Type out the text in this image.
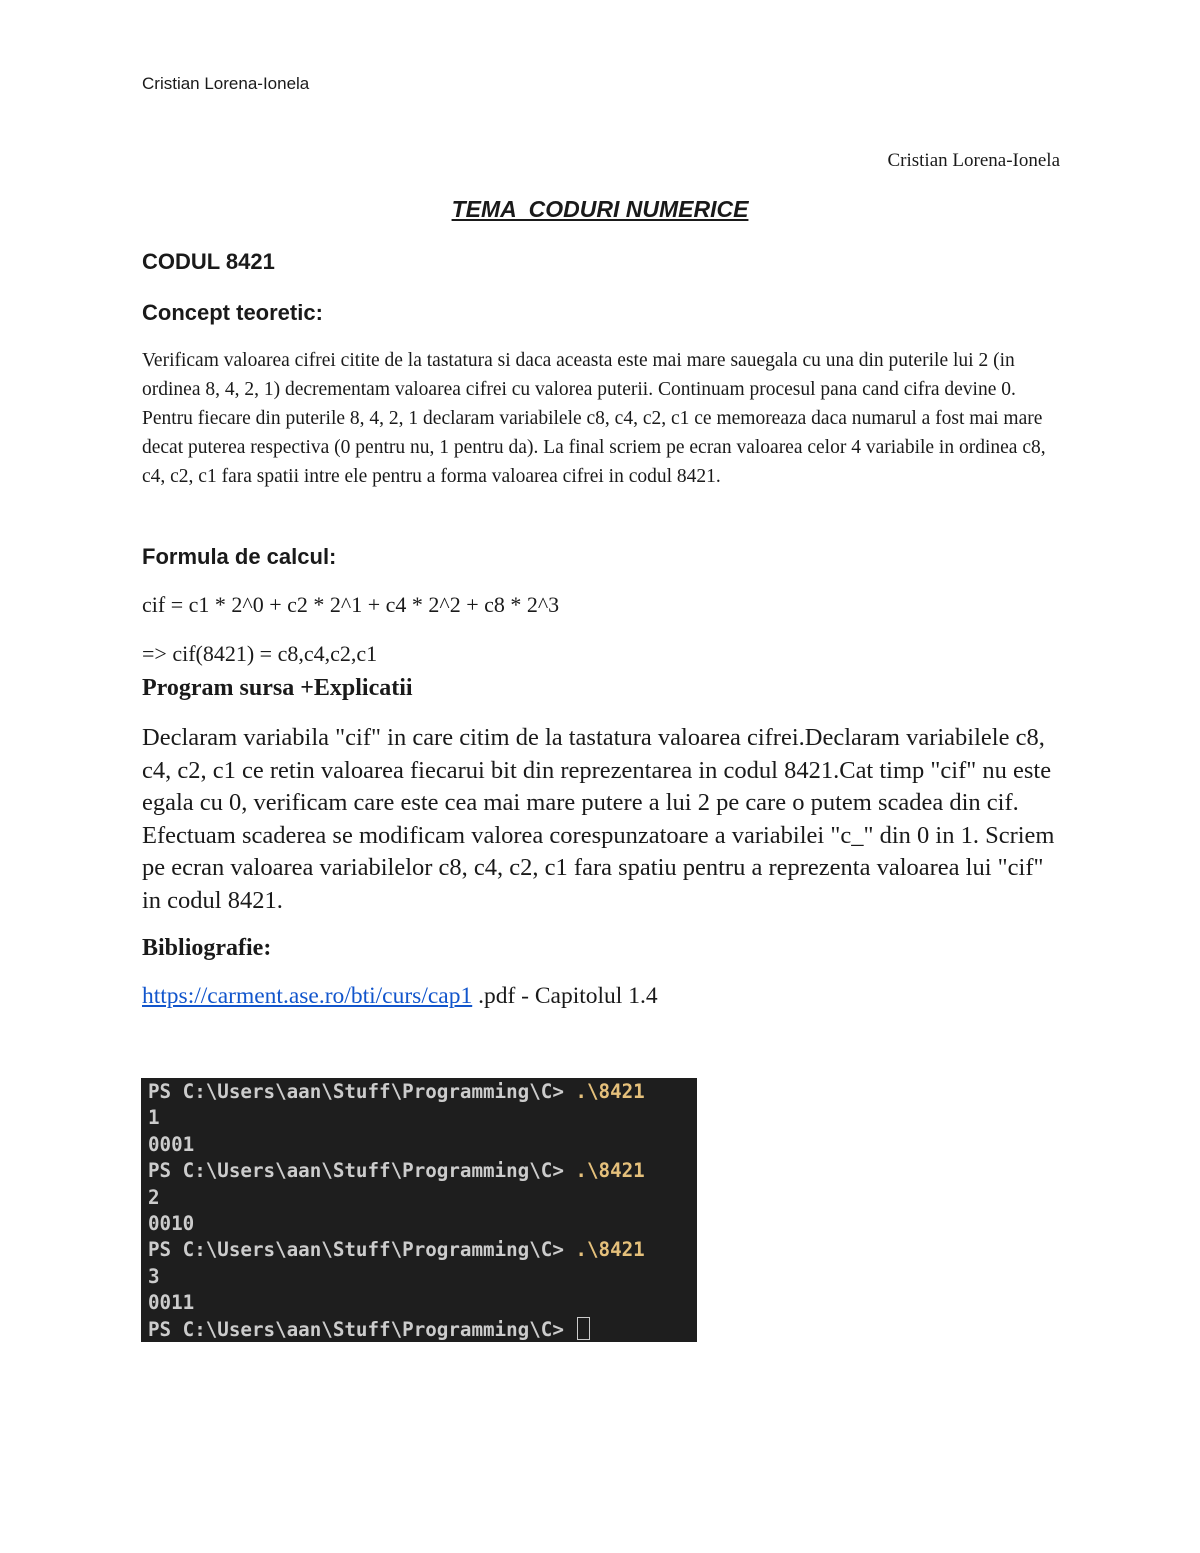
Cristian Lorena-Ionela
Cristian Lorena-Ionela
TEMA  CODURI NUMERICE
CODUL 8421
Concept teoretic:
Verificam valoarea cifrei citite de la tastatura si daca aceasta este mai mare sauegala cu una din puterile lui 2 (in ordinea 8, 4, 2, 1) decrementam valoarea cifrei cu valorea puterii. Continuam procesul pana cand cifra devine 0. Pentru fiecare din puterile 8, 4, 2, 1 declaram variabilele c8, c4, c2, c1 ce memoreaza daca numarul a fost mai mare decat puterea respectiva (0 pentru nu, 1 pentru da). La final scriem pe ecran valoarea celor 4 variabile in ordinea c8, c4, c2, c1 fara spatii intre ele pentru a forma valoarea cifrei in codul 8421.
Formula de calcul:
cif = c1 * 2^0 + c2 * 2^1 + c4 * 2^2 + c8 * 2^3
=> cif(8421) = c8,c4,c2,c1
Program sursa +Explicatii
Declaram variabila "cif" in care citim de la tastatura valoarea cifrei.Declaram variabilele c8, c4, c2, c1 ce retin valoarea fiecarui bit din reprezentarea in codul 8421.Cat timp "cif" nu este egala cu 0, verificam care este cea mai mare putere a lui 2 pe care o putem scadea din cif. Efectuam scaderea se modificam valorea corespunzatoare a variabilei "c_" din 0 in 1. Scriem pe ecran valoarea variabilelor c8, c4, c2, c1 fara spatiu pentru a reprezenta valoarea lui "cif" in codul 8421.
Bibliografie:
https://carment.ase.ro/bti/curs/cap1 .pdf - Capitolul 1.4
PS C:\Users\aan\Stuff\Programming\C> .\8421
1
0001
PS C:\Users\aan\Stuff\Programming\C> .\8421
2
0010
PS C:\Users\aan\Stuff\Programming\C> .\8421
3
0011
PS C:\Users\aan\Stuff\Programming\C>
